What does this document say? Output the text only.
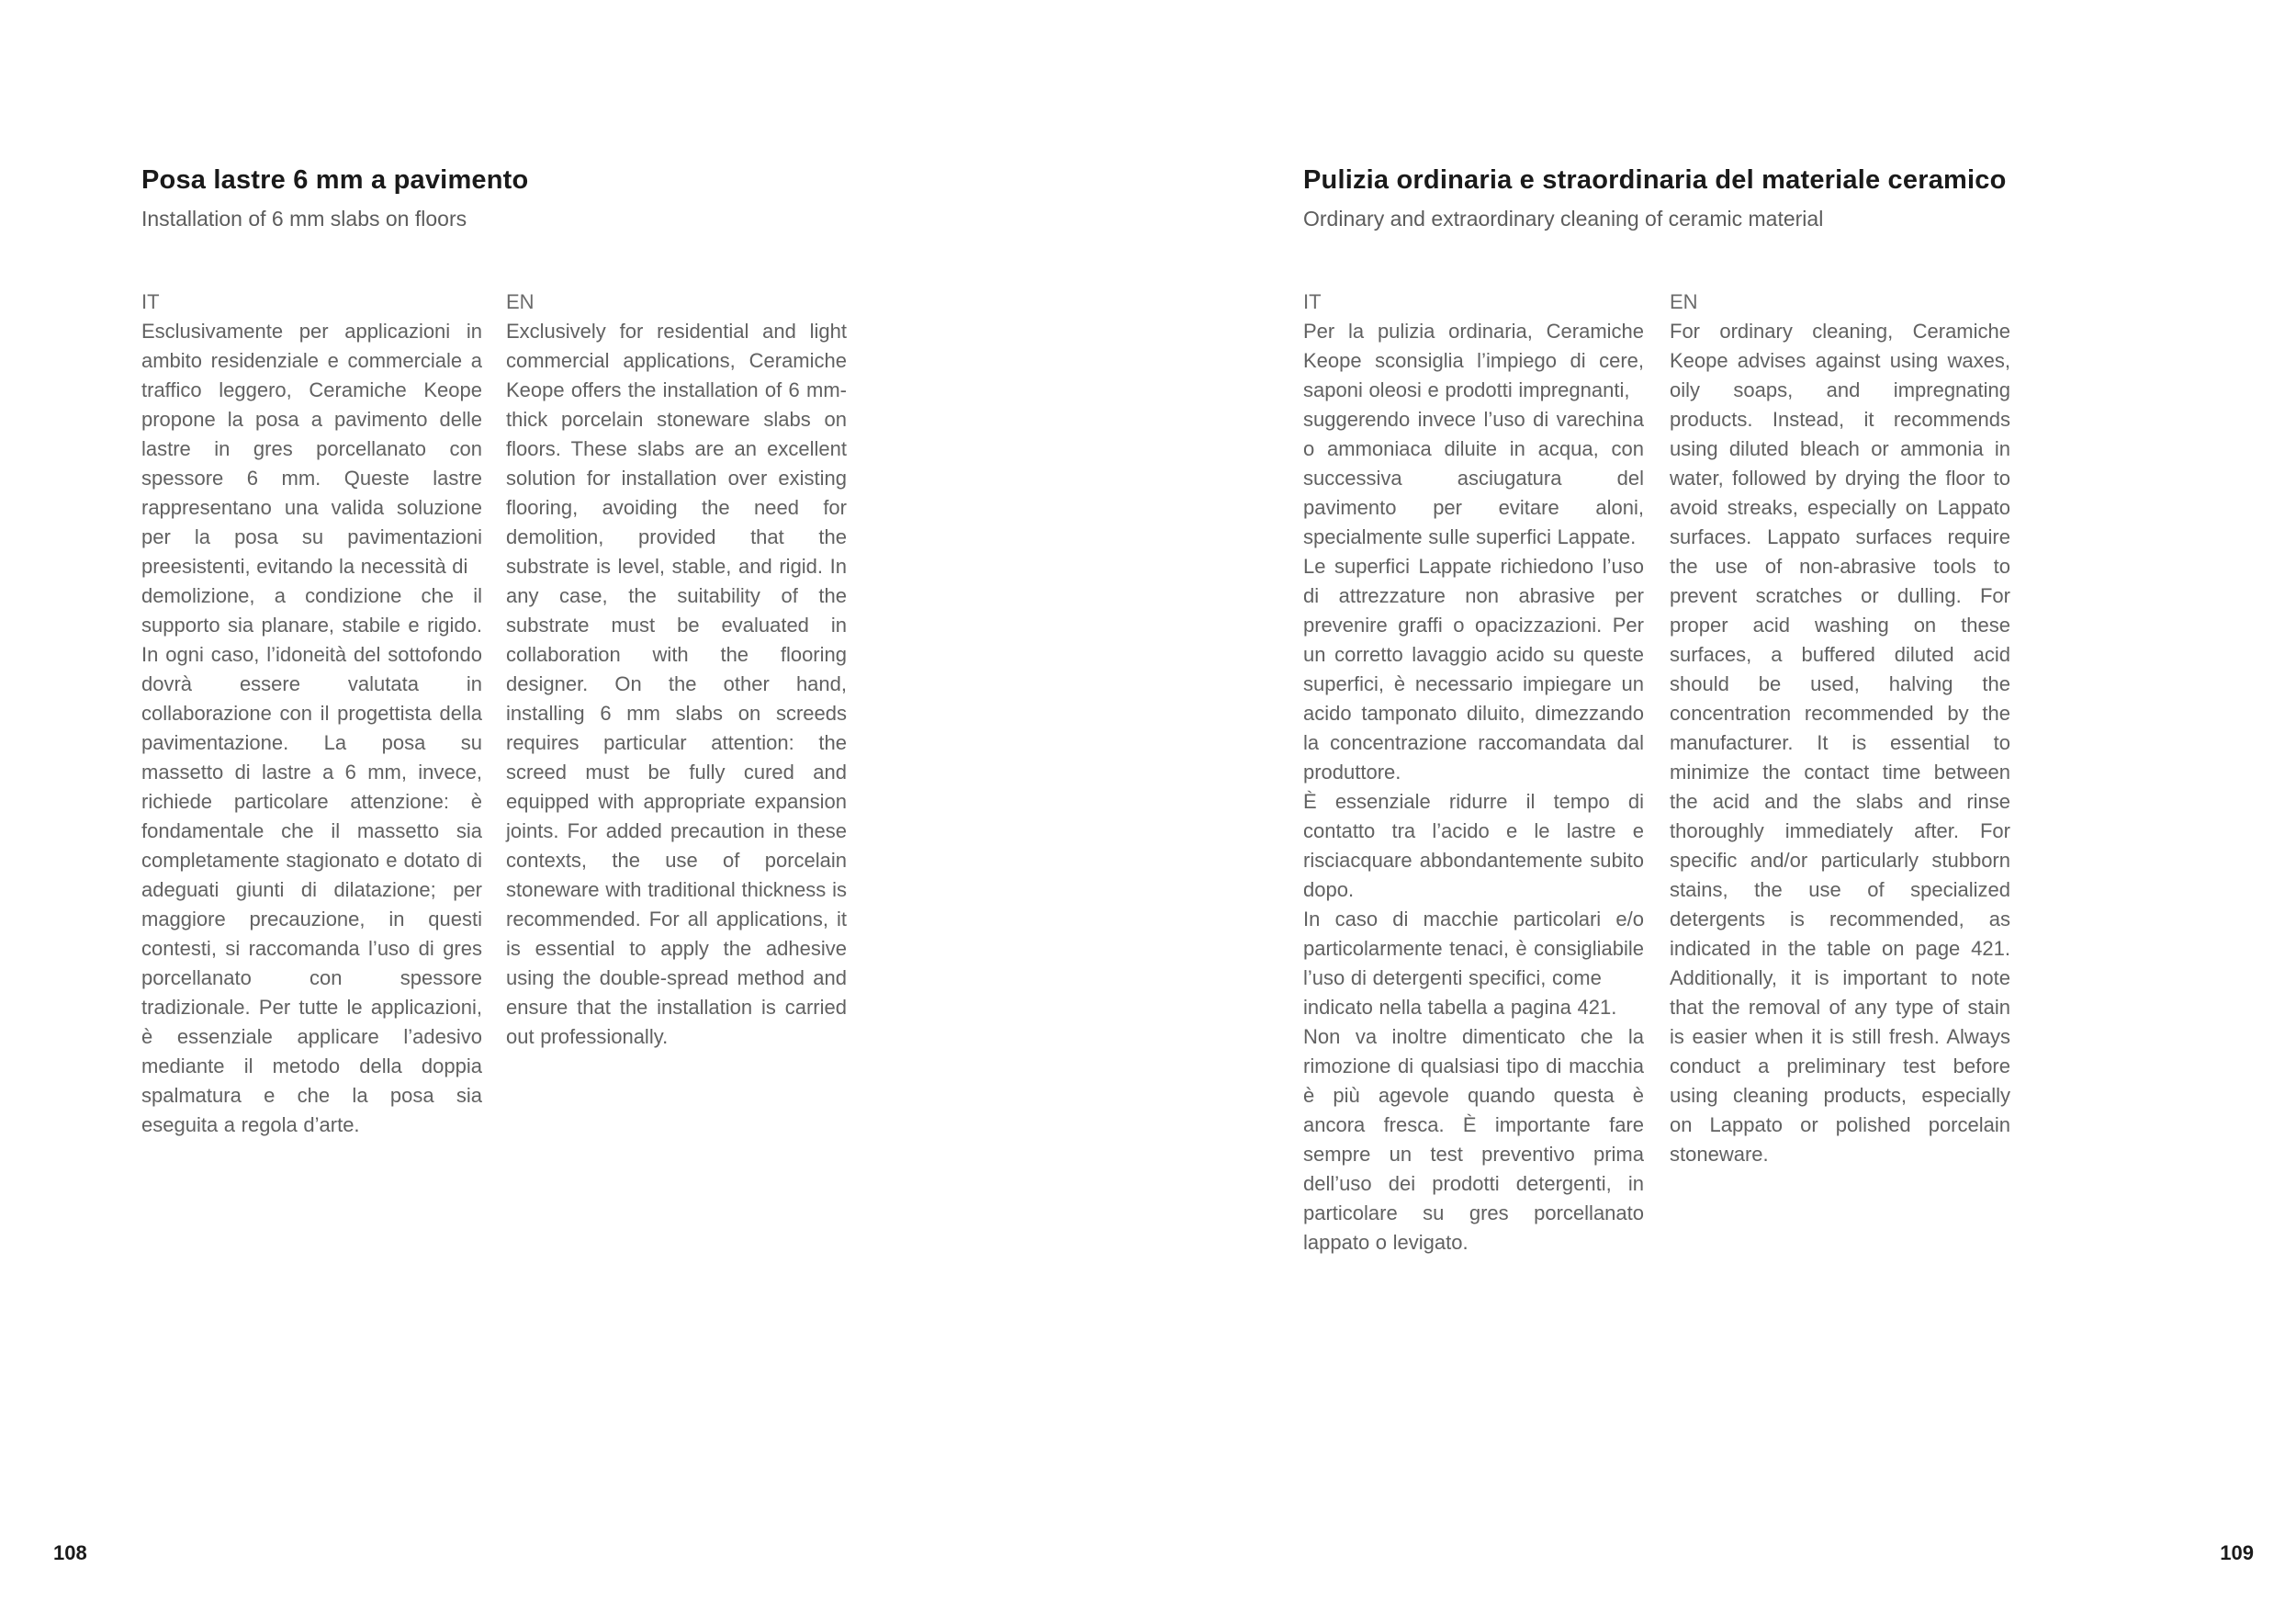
Posa lastre 6 mm a pavimento

Installation of 6 mm slabs on floors

IT

Esclusivamente per applicazioni in ambito residenziale e commerciale a traffico leggero, Ceramiche Keope propone la posa a pavimento delle lastre in gres porcellanato con spessore 6 mm. Queste lastre rappresentano una valida soluzione per la posa su pavimentazioni preesistenti, evitando la necessità di

demolizione, a condizione che il supporto sia planare, stabile e rigido. In ogni caso, l’idoneità del sottofondo dovrà essere valutata in collaborazione con il progettista della pavimentazione. La posa su massetto di lastre a 6 mm, invece, richiede particolare attenzione: è fondamentale che il massetto sia completamente stagionato e dotato di adeguati giunti di dilatazione; per maggiore precauzione, in questi contesti, si raccomanda l’uso di gres porcellanato con spessore tradizionale. Per tutte le applicazioni, è essenziale applicare l’adesivo mediante il metodo della doppia spalmatura e che la posa sia eseguita a regola d’arte.

EN

Exclusively for residential and light commercial applications, Ceramiche Keope offers the installation of 6 mm-thick porcelain stoneware slabs on floors. These slabs are an excellent solution for installation over existing flooring, avoiding the need for demolition, provided that the substrate is level, stable, and rigid. In any case, the suitability of the substrate must be evaluated in collaboration with the flooring designer. On the other hand, installing 6 mm slabs on screeds requires particular attention: the screed must be fully cured and equipped with appropriate expansion joints. For added precaution in these contexts, the use of porcelain stoneware with traditional thickness is recommended. For all applications, it is essential to apply the adhesive using the double-spread method and ensure that the installation is carried out professionally.

Pulizia ordinaria e straordinaria del materiale ceramico

Ordinary and extraordinary cleaning of ceramic material

IT

Per la pulizia ordinaria, Ceramiche Keope sconsiglia l’impiego di cere, saponi oleosi e prodotti impregnanti,

suggerendo invece l’uso di varechina o ammoniaca diluite in acqua, con successiva asciugatura del pavimento per evitare aloni, specialmente sulle superfici Lappate.

Le superfici Lappate richiedono l’uso di attrezzature non abrasive per prevenire graffi o opacizzazioni. Per un corretto lavaggio acido su queste superfici, è necessario impiegare un acido tamponato diluito, dimezzando la concentrazione raccomandata dal produttore.

È essenziale ridurre il tempo di contatto tra l’acido e le lastre e risciacquare abbondantemente subito dopo.

In caso di macchie particolari e/o particolarmente tenaci, è consigliabile l’uso di detergenti specifici, come

indicato nella tabella a pagina 421.

Non va inoltre dimenticato che la rimozione di qualsiasi tipo di macchia è più agevole quando questa è ancora fresca. È importante fare sempre un test preventivo prima dell’uso dei prodotti detergenti, in particolare su gres porcellanato lappato o levigato.

EN

For ordinary cleaning, Ceramiche Keope advises against using waxes, oily soaps, and impregnating products. Instead, it recommends using diluted bleach or ammonia in water, followed by drying the floor to avoid streaks, especially on Lappato surfaces. Lappato surfaces require the use of non-abrasive tools to prevent scratches or dulling. For proper acid washing on these surfaces, a buffered diluted acid should be used, halving the concentration recommended by the manufacturer. It is essential to minimize the contact time between the acid and the slabs and rinse thoroughly immediately after. For specific and/or particularly stubborn stains, the use of specialized detergents is recommended, as indicated in the table on page 421. Additionally, it is important to note that the removal of any type of stain is easier when it is still fresh. Always conduct a preliminary test before using cleaning products, especially on Lappato or polished porcelain stoneware.

108	109
